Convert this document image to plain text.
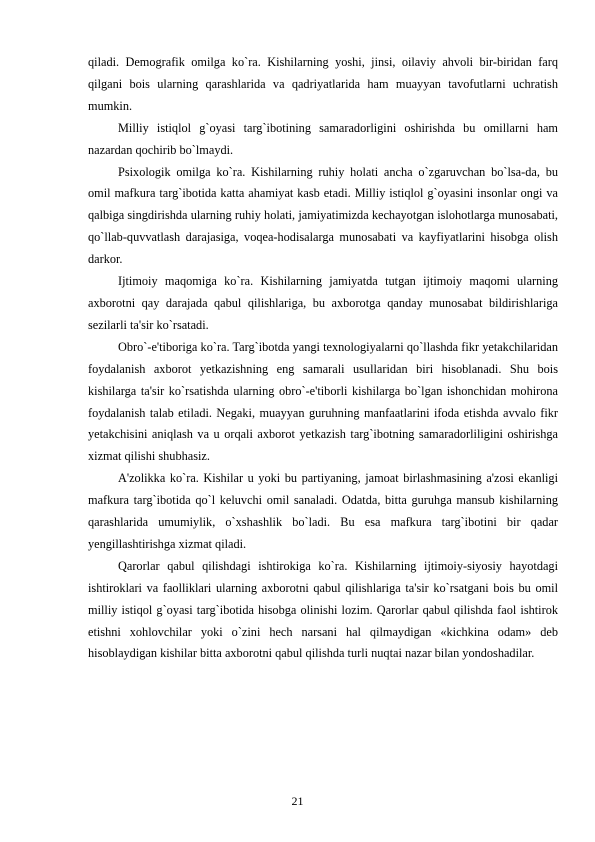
qiladi. Demografik omilga ko`ra. Kishilarning yoshi, jinsi, oilaviy ahvoli bir-biridan farq qilgani bois ularning qarashlarida va qadriyatlarida ham muayyan tavofutlarni uchratish mumkin.

Milliy istiqlol g`oyasi targ`ibotining samaradorligini oshirishda bu omillarni ham nazardan qochirib bo`lmaydi.

Psixologik omilga ko`ra. Kishilarning ruhiy holati ancha o`zgaruvchan bo`lsa-da, bu omil mafkura targ`ibotida katta ahamiyat kasb etadi. Milliy istiqlol g`oyasini insonlar ongi va qalbiga singdirishda ularning ruhiy holati, jamiyatimizda kechayotgan islohotlarga munosabati, qo`llab-quvvatlash darajasiga, voqea-hodisalarga munosabati va kayfiyatlarini hisobga olish darkor.

Ijtimoiy maqomiga ko`ra. Kishilarning jamiyatda tutgan ijtimoiy maqomi ularning axborotni qay darajada qabul qilishlariga, bu axborotga qanday munosabat bildirishlariga sezilarli ta'sir ko`rsatadi.

Obro`-e'tiboriga ko`ra. Targ`ibotda yangi texnologiyalarni qo`llashda fikr yetakchilaridan foydalanish axborot yetkazishning eng samarali usullaridan biri hisoblanadi. Shu bois kishilarga ta'sir ko`rsatishda ularning obro`-e'tiborli kishilarga bo`lgan ishonchidan mohirona foydalanish talab etiladi. Negaki, muayyan guruhning manfaatlarini ifoda etishda avvalo fikr yetakchisini aniqlash va u orqali axborot yetkazish targ`ibotning samaradorliligini oshirishga xizmat qilishi shubhasiz.

A'zolikka ko`ra. Kishilar u yoki bu partiyaning, jamoat birlashmasining a'zosi ekanligi mafkura targ`ibotida qo`l keluvchi omil sanaladi. Odatda, bitta guruhga mansub kishilarning qarashlarida umumiylik, o`xshashlik bo`ladi. Bu esa mafkura targ`ibotini bir qadar yengillashtirishga xizmat qiladi.

Qarorlar qabul qilishdagi ishtirokiga ko`ra. Kishilarning ijtimoiy-siyosiy hayotdagi ishtiroklari va faolliklari ularning axborotni qabul qilishlariga ta'sir ko`rsatgani bois bu omil milliy istiqol g`oyasi targ`ibotida hisobga olinishi lozim. Qarorlar qabul qilishda faol ishtirok etishni xohlovchilar yoki o`zini hech narsani hal qilmaydigan «kichkina odam» deb hisoblaydigan kishilar bitta axborotni qabul qilishda turli nuqtai nazar bilan yondoshadilar.

21
